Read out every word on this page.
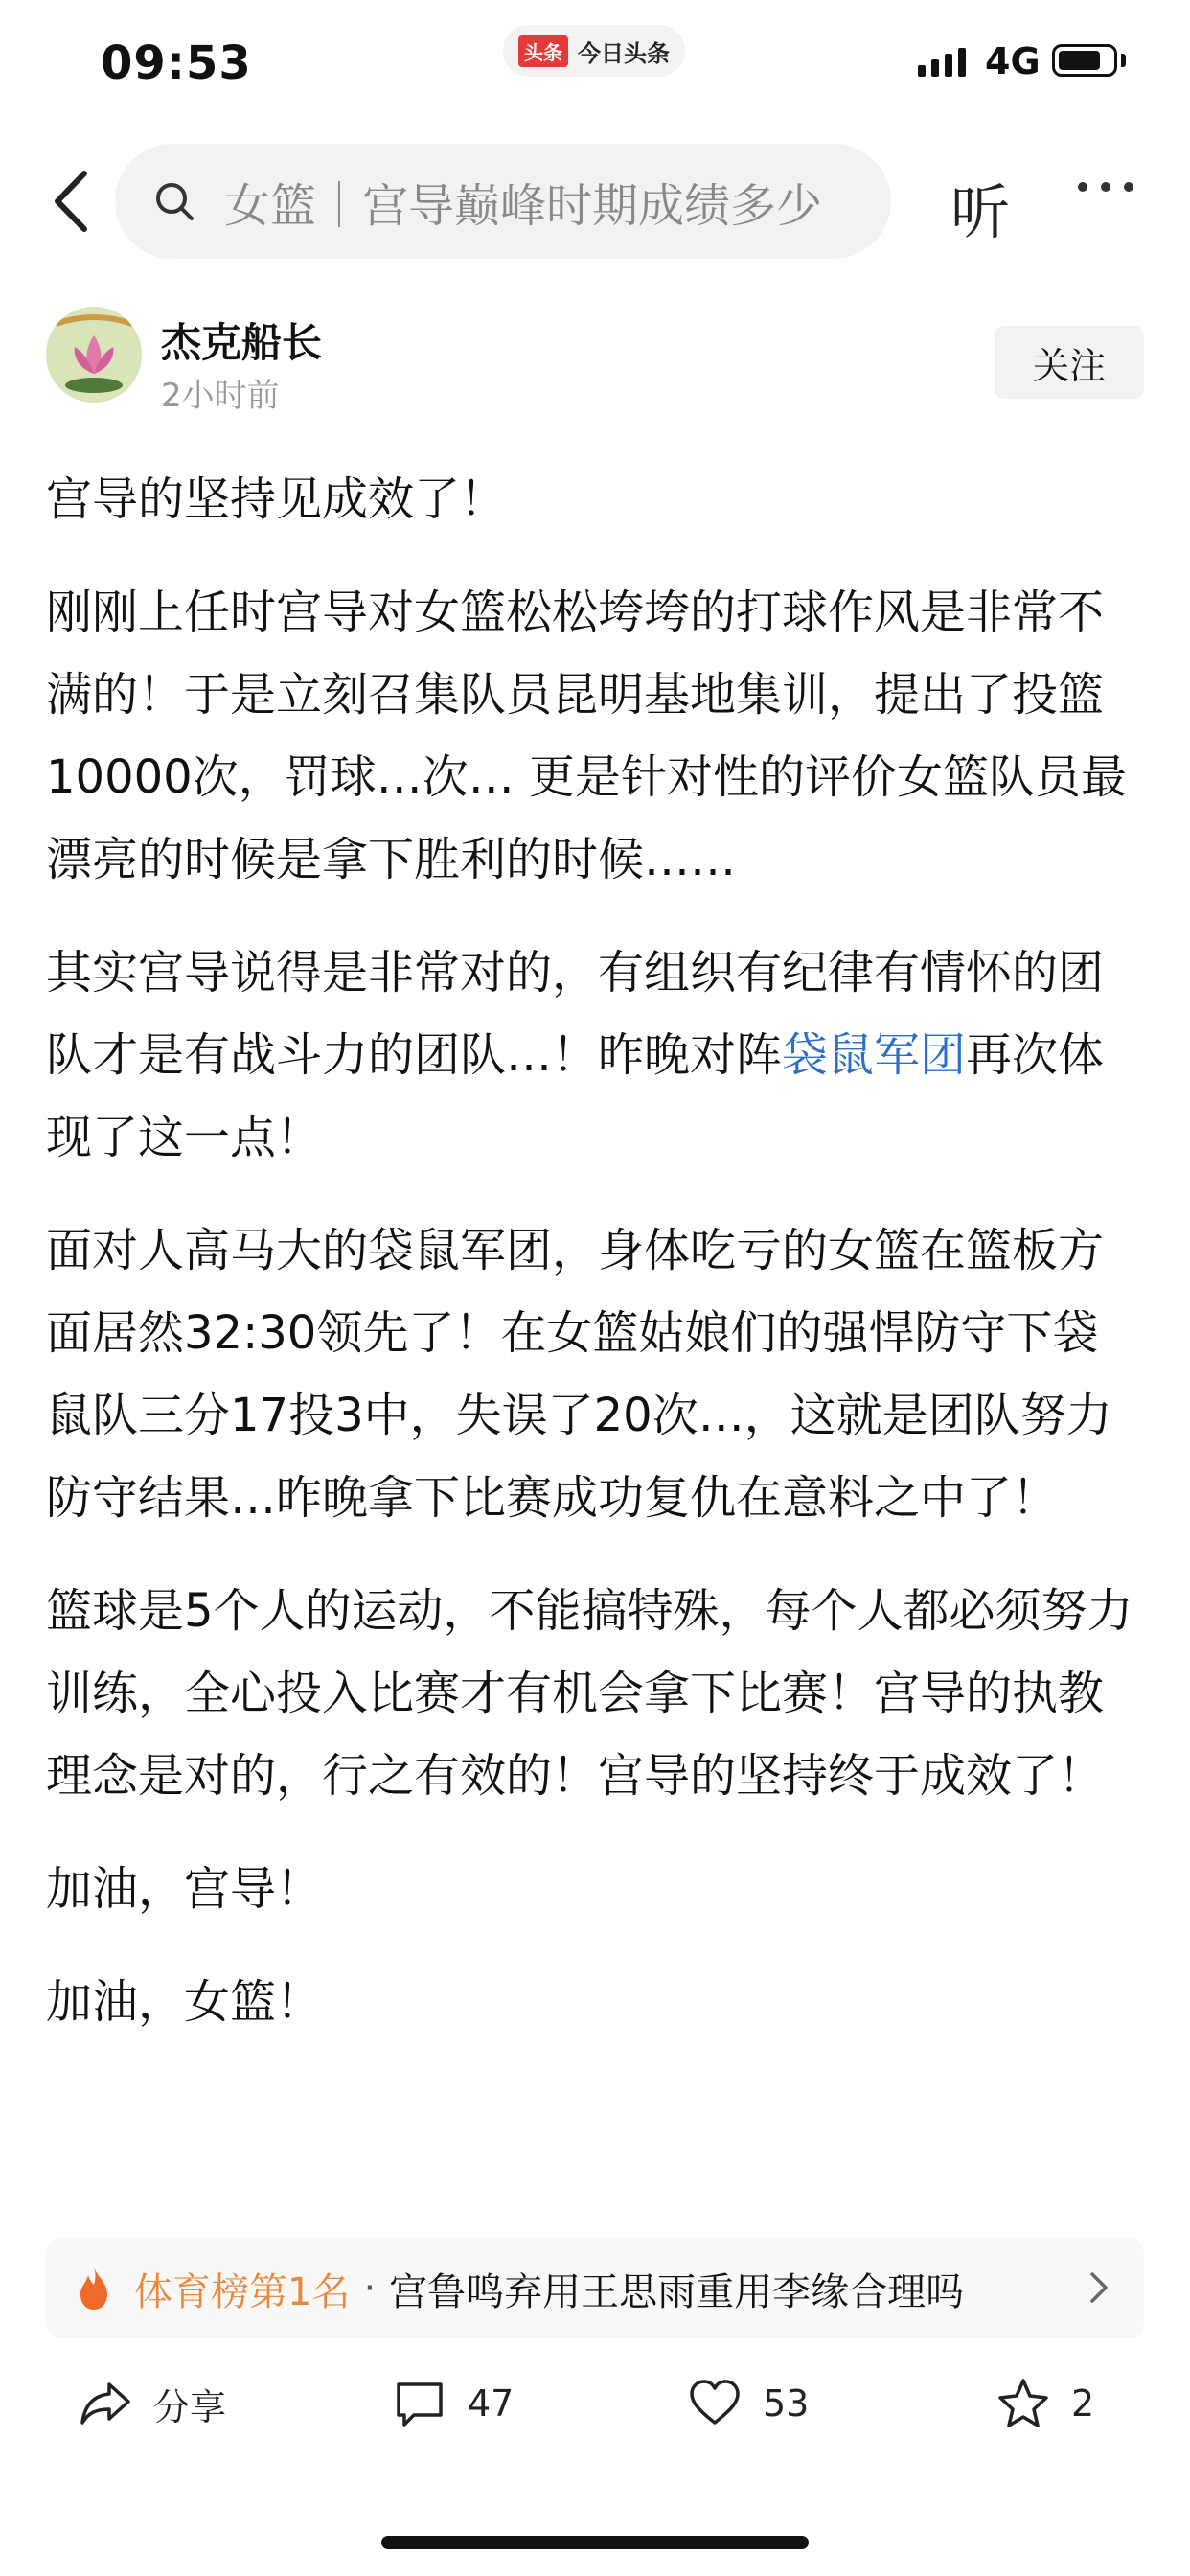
09:53	头条 今日头条	4G
女篮｜宫导巅峰时期成绩多少 听
杰克船长
2小时前
关注

宫导的坚持见成效了！

刚刚上任时宫导对女篮松松垮垮的打球作风是非常不满的！于是立刻召集队员昆明基地集训，提出了投篮10000次，罚球…次… 更是针对性的评价女篮队员最漂亮的时候是拿下胜利的时候……

其实宫导说得是非常对的，有组织有纪律有情怀的团队才是有战斗力的团队…！昨晚对阵袋鼠军团再次体现了这一点！

面对人高马大的袋鼠军团，身体吃亏的女篮在篮板方面居然32:30领先了！在女篮姑娘们的强悍防守下袋鼠队三分17投3中，失误了20次…，这就是团队努力防守结果…昨晚拿下比赛成功复仇在意料之中了！

篮球是5个人的运动，不能搞特殊，每个人都必须努力训练，全心投入比赛才有机会拿下比赛！宫导的执教理念是对的，行之有效的！宫导的坚持终于成效了！

加油，宫导！

加油，女篮！

体育榜第1名 · 宫鲁鸣弃用王思雨重用李缘合理吗
分享	47	53	2
